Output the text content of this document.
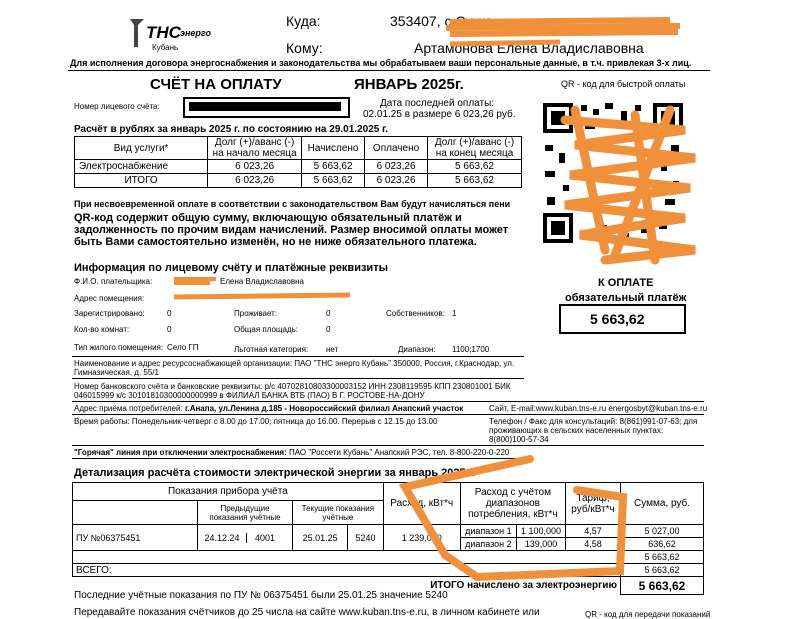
ТНС энерго
Кубань
Куда:	353407, с Сукко
Кому:	Артамонова Елена Владиславовна
Для исполнения договора энергоснабжения и законодательства мы обрабатываем ваши персональные данные, в т.ч. привлекая 3-х лиц.
СЧЁТ НА ОПЛАТУ	ЯНВАРЬ 2025г.	QR - код для быстрой оплаты
Номер лицевого счёта:	Дата последней оплаты:
02.01.25 в размере 6 023,26 руб.
Расчёт в рублях за январь 2025 г. по состоянию на 29.01.2025 г.
Вид услуги*	Долг (+)/аванс (-) на начало месяца	Начислено	Оплачено	Долг (+)/аванс (-) на конец месяца
Электроснабжение	6 023,26	5 663,62	6 023,26	5 663,62
ИТОГО	6 023,26	5 663,62	6 023,26	5 663,62
При несвоевременной оплате в соответствии с законодательством Вам будут начисляться пени
QR-код содержит общую сумму, включающую обязательный платёж и задолженность по прочим видам начислений. Размер вносимой оплаты может быть Вами самостоятельно изменён, но не ниже обязательного платежа.
К ОПЛАТЕ
обязательный платёж
5 663,62
Информация по лицевому счёту и платёжные реквизиты
Ф.И.О. плательщика:	Елена Владиславовна
Адрес помещения:
Зарегистрировано:	0	Проживает:	0	Собственников: 1
Кол-во комнат:	0	Общая площадь:	0
Тип жилого помещения: Село ГП	Льготная категория: нет	Диапазон: 1100;1700
Наименование и адрес ресурсоснабжающей организации: ПАО "ТНС энерго Кубань" 350000, Россия, г.Краснодар, ул.
Гимназическая, д. 55/1
Номер банковского счёта и банковские реквизиты: р/с 40702810803300003152 ИНН 2308119595 КПП 230801001 БИК
046015999 к/с 30101810300000000999 в ФИЛИАЛ БАНКА ВТБ (ПАО) В Г. РОСТОВЕ-НА-ДОНУ
Адрес приёма потребителей: г.Анапа, ул.Ленина д.185 - Новороссийский филиал Анапский участок	Сайт, E-mail:www.kuban.tns-e.ru energosbyt@kuban.tns-e.ru
Время работы: Понедельник-четверг с 8.00 до 17.00; пятница до 16.00. Перерыв с 12.15 до 13.00	Телефон / Факс для консультаций: 8(861)991-07-63; для
проживающих в сельских населенных пунктах:
8(800)100-57-34
"Горячая" линия при отключении электроснабжения: ПАО "Россети Кубань" Анапский РЭС, тел. 8-800-220-0-220
Детализация расчёта стоимости электрической энергии за январь 2025 г.
Показания прибора учёта				Расход, кВт*ч	Расход с учётом диапазонов потребления, кВт*ч		Тариф, руб/кВт*ч	Сумма, руб.
	Предыдущие показания учётные	Текущие показания учётные						
ПУ №06375451	24.12.24 4001	25.01.25	5240	1 239,000	диапазон 1	1 100,000	4,57	5 027,00
					диапазон 2	139,000	4,58	636,62
								5 663,62
ВСЕГО:								5 663,62
ИТОГО начислено за электроэнергию								5 663,62
Последние учётные показания по ПУ № 06375451 были 25.01.25 значение 5240
Передавайте показания счётчиков до 25 числа на сайте www.kuban.tns-e.ru, в личном кабинете или	QR - код для передачи показаний
